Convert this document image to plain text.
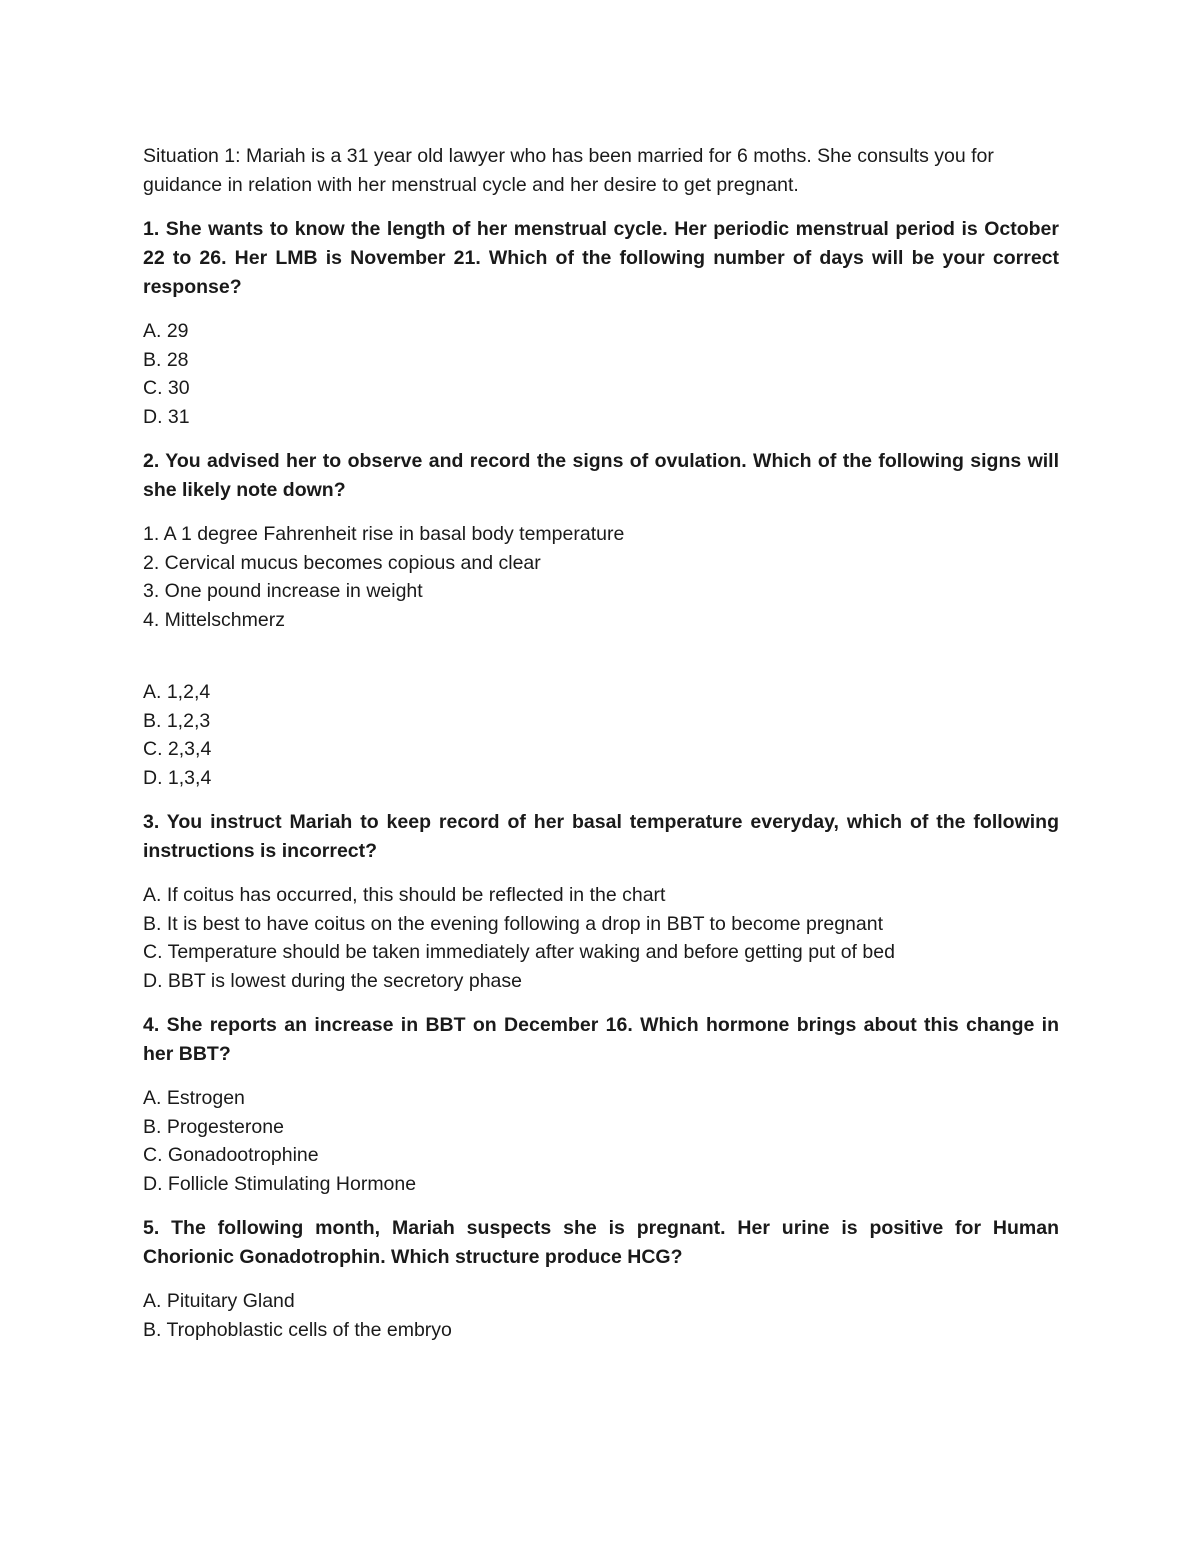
Situation 1: Mariah is a 31 year old lawyer who has been married for 6 moths. She consults you for guidance in relation with her menstrual cycle and her desire to get pregnant.

1. She wants to know the length of her menstrual cycle. Her periodic menstrual period is October 22 to 26. Her LMB is November 21. Which of the following number of days will be your correct response?

A. 29
B. 28
C. 30
D. 31

2. You advised her to observe and record the signs of ovulation. Which of the following signs will she likely note down?

1. A 1 degree Fahrenheit rise in basal body temperature
2. Cervical mucus becomes copious and clear
3. One pound increase in weight
4. Mittelschmerz
A. 1,2,4
B. 1,2,3
C. 2,3,4
D. 1,3,4

3. You instruct Mariah to keep record of her basal temperature everyday, which of the following instructions is incorrect?

A. If coitus has occurred, this should be reflected in the chart
B. It is best to have coitus on the evening following a drop in BBT to become pregnant
C. Temperature should be taken immediately after waking and before getting put of bed
D. BBT is lowest during the secretory phase

4. She reports an increase in BBT on December 16. Which hormone brings about this change in her BBT?

A. Estrogen
B. Progesterone
C. Gonadootrophine
D. Follicle Stimulating Hormone

5. The following month, Mariah suspects she is pregnant. Her urine is positive for Human Chorionic Gonadotrophin. Which structure produce HCG?

A. Pituitary Gland
B. Trophoblastic cells of the embryo
